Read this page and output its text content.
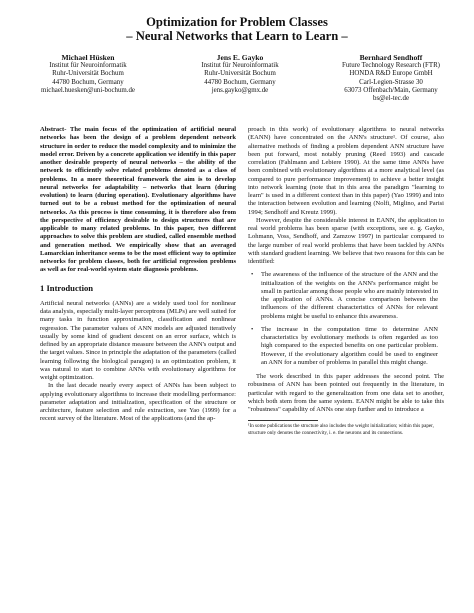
Optimization for Problem Classes
– Neural Networks that Learn to Learn –
Michael Hüsken
Institut für Neuroinformatik
Ruhr-Universität Bochum
44780 Bochum, Germany
michael.huesken@uni-bochum.de
Jens E. Gayko
Institut für Neuroinformatik
Ruhr-Universität Bochum
44780 Bochum, Germany
jens.gayko@gmx.de
Bernhard Sendhoff
Future Technology Research (FTR)
HONDA R&D Europe GmbH
Carl-Legien-Strasse 30
63073 Offenbach/Main, Germany
bs@el-tec.de

Abstract- The main focus of the optimization of artificial neural networks has been the design of a problem dependent network structure in order to reduce the model complexity and to minimize the model error. Driven by a concrete application we identify in this paper another desirable property of neural networks – the ability of the network to efficiently solve related problems denoted as a class of problems. In a more theoretical framework the aim is to develop neural networks for adaptability – networks that learn (during evolution) to learn (during operation). Evolutionary algorithms have turned out to be a robust method for the optimization of neural networks. As this process is time consuming, it is therefore also from the perspective of efficiency desirable to design structures that are applicable to many related problems. In this paper, two different approaches to solve this problem are studied, called ensemble method and generation method. We empirically show that an averaged Lamarckian inheritance seems to be the most efficient way to optimize networks for problem classes, both for artificial regression problems as well as for real-world system state diagnosis problems.

1 Introduction

Artificial neural networks (ANNs) are a widely used tool for nonlinear data analysis, especially multi-layer perceptrons (MLPs) are well suited for many tasks in function approximation, classification and nonlinear regression. The parameter values of ANN models are adjusted iteratively usually by some kind of gradient descent on an error surface, which is defined by an appropriate distance measure between the ANN's output and the target values. Since in principle the adaptation of the parameters (called learning following the biological paragon) is an optimization problem, it was natural to start to combine ANNs with evolutionary algorithms for weight optimization.

In the last decade nearly every aspect of ANNs has been subject to applying evolutionary algorithms to increase their modelling performance: parameter adaptation and initialization, specification of the structure or architecture, feature selection and rule extraction, see Yao (1999) for a recent survey of the literature. Most of the applications (and the ap-

proach in this work) of evolutionary algorithms to neural networks (EANN) have concentrated on the ANN's structure¹. Of course, also alternative methods of finding a problem dependent ANN structure have been put forward, most notably pruning (Reed 1993) and cascade correlation (Fahlmann and Lebiere 1990). At the same time ANNs have been combined with evolutionary algorithms at a more analytical level (as compared to pure performance improvement) to achieve a better insight into network learning (note that in this area the paradigm "learning to learn" is used in a different context than in this paper) (Yao 1999) and into the interaction between evolution and learning (Nolfi, Miglino, and Parisi 1994; Sendhoff and Kreutz 1999).

However, despite the considerable interest in EANN, the application to real world problems has been sparse (with exceptions, see e. g. Gayko, Lohmann, Voss, Sendhoff, and Zamzow 1997) in particular compared to the large number of real world problems that have been tackled by ANNs with standard gradient learning. We believe that two reasons for this can be identified:

• The awareness of the influence of the structure of the ANN and the initialization of the weights on the ANN's performance might be small in particular among those people who are mainly interested in the application of ANNs. A concise comparison between the influences of the different characteristics of ANNs for relevant problems might be useful to enhance this awareness.
• The increase in the computation time to determine ANN characteristics by evolutionary methods is often regarded as too high compared to the expected benefits on one particular problem. However, if the evolutionary algorithm could be used to engineer an ANN for a number of problems in parallel this might change.

The work described in this paper addresses the second point. The robustness of ANN has been pointed out frequently in the literature, in particular with regard to the generalization from one data set to another, which both stem from the same system. EANN might be able to take this "robustness" capability of ANNs one step further and to introduce a

¹In some publications the structure also includes the weight initialization; within this paper, structure only denotes the connectivity, i. e. the neurons and its connections.
